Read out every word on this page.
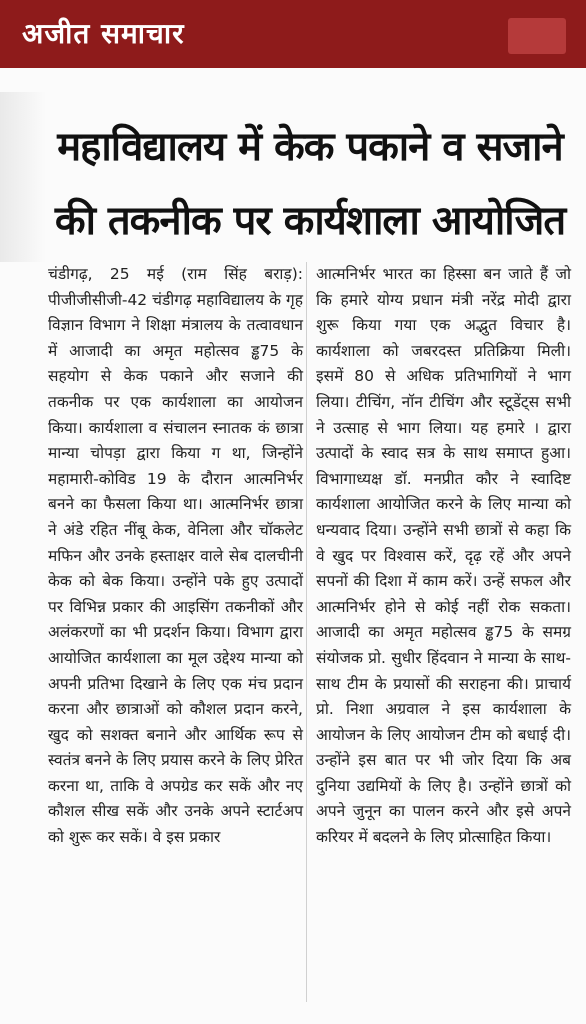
अजीत समाचार
महाविद्यालय में केक पकाने व सजाने
की तकनीक पर कार्यशाला आयोजित

चंडीगढ़, 25 मई (राम सिंह बराड़): पीजीजीसीजी-42 चंडीगढ़ महाविद्यालय के गृह विज्ञान विभाग ने शिक्षा मंत्रालय के तत्वावधान में आजादी का अमृत महोत्सव ड्ढ75 के सहयोग से केक पकाने और सजाने की तकनीक पर एक कार्यशाला का आयोजन किया। कार्यशाला व संचालन स्नातक कं छात्रा मान्या चोपड़ा द्वारा किया ग था, जिन्होंने महामारी-कोविड 19 के दौरान आत्मनिर्भर बनने का फैसला किया था। आत्मनिर्भर छात्रा ने अंडे रहित नींबू केक, वेनिला और चॉकलेट मफिन और उनके हस्ताक्षर वाले सेब दालचीनी केक को बेक किया। उन्होंने पके हुए उत्पादों पर विभिन्न प्रकार की आइसिंग तकनीकों और अलंकरणों का भी प्रदर्शन किया। विभाग द्वारा आयोजित कार्यशाला का मूल उद्देश्य मान्या को अपनी प्रतिभा दिखाने के लिए एक मंच प्रदान करना और छात्राओं को कौशल प्रदान करने, खुद को सशक्त बनाने और आर्थिक रूप से स्वतंत्र बनने के लिए प्रयास करने के लिए प्रेरित करना था, ताकि वे अपग्रेड कर सकें और नए कौशल सीख सकें और उनके अपने स्टार्टअप को शुरू कर सकें। वे इस प्रकार

आत्मनिर्भर भारत का हिस्सा बन जाते हैं जो कि हमारे योग्य प्रधान मंत्री नरेंद्र मोदी द्वारा शुरू किया गया एक अद्भुत विचार है। कार्यशाला को जबरदस्त प्रतिक्रिया मिली। इसमें 80 से अधिक प्रतिभागियों ने भाग लिया। टीचिंग, नॉन टीचिंग और स्टूडेंट्स सभी ने उत्साह से भाग लिया। यह हमारे । द्वारा उत्पादों के स्वाद सत्र के साथ समाप्त हुआ। विभागाध्यक्ष डॉ. मनप्रीत कौर ने स्वादिष्ट कार्यशाला आयोजित करने के लिए मान्या को धन्यवाद दिया। उन्होंने सभी छात्रों से कहा कि वे खुद पर विश्वास करें, दृढ़ रहें और अपने सपनों की दिशा में काम करें। उन्हें सफल और आत्मनिर्भर होने से कोई नहीं रोक सकता। आजादी का अमृत महोत्सव ड्ढ75 के समग्र संयोजक प्रो. सुधीर हिंदवान ने मान्या के साथ-साथ टीम के प्रयासों की सराहना की। प्राचार्य प्रो. निशा अग्रवाल ने इस कार्यशाला के आयोजन के लिए आयोजन टीम को बधाई दी। उन्होंने इस बात पर भी जोर दिया कि अब दुनिया उद्यमियों के लिए है। उन्होंने छात्रों को अपने जुनून का पालन करने और इसे अपने करियर में बदलने के लिए प्रोत्साहित किया।
